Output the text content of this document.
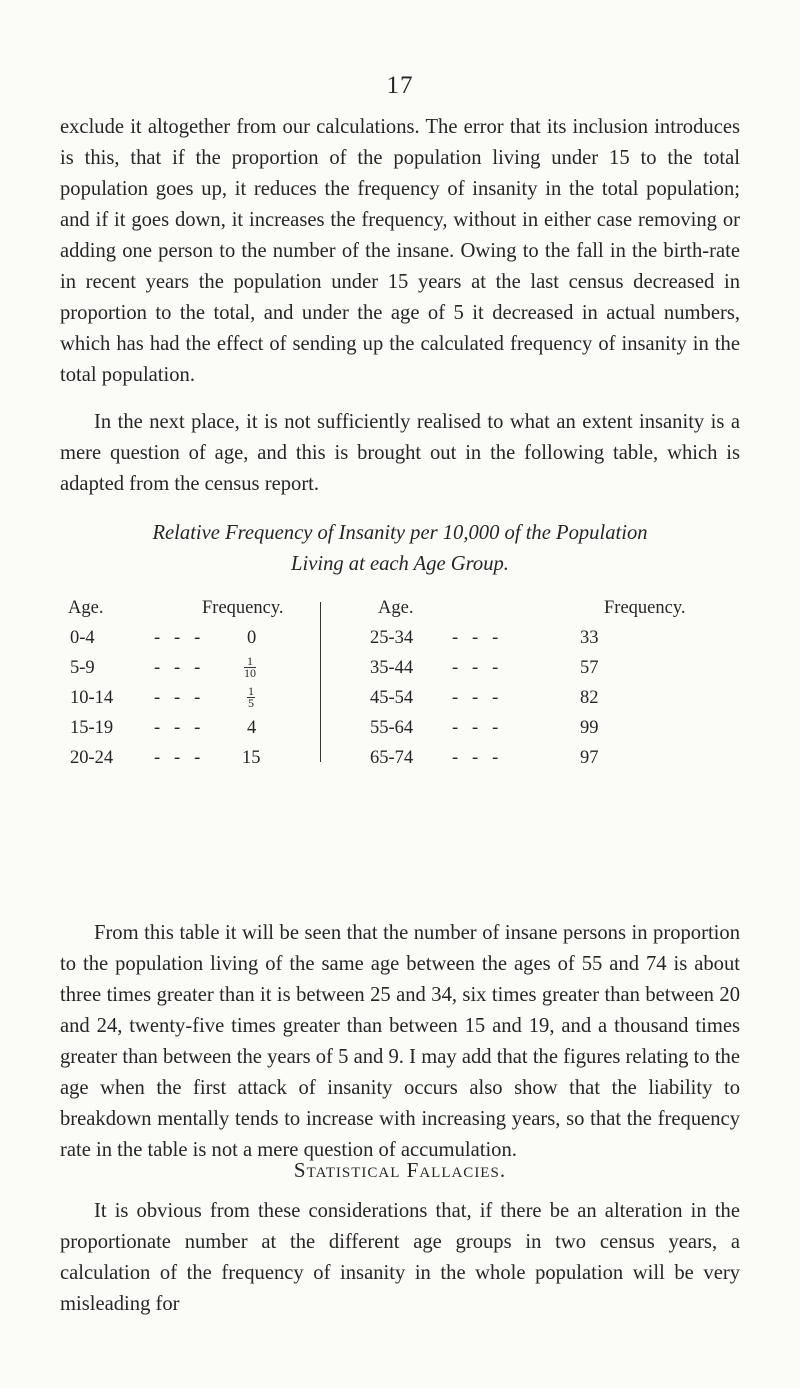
17

exclude it altogether from our calculations. The error that its inclusion introduces is this, that if the proportion of the population living under 15 to the total population goes up, it reduces the frequency of insanity in the total population; and if it goes down, it increases the frequency, without in either case removing or adding one person to the number of the insane. Owing to the fall in the birth-rate in recent years the population under 15 years at the last census decreased in proportion to the total, and under the age of 5 it decreased in actual numbers, which has had the effect of sending up the calculated frequency of insanity in the total population.

In the next place, it is not sufficiently realised to what an extent insanity is a mere question of age, and this is brought out in the following table, which is adapted from the census report.

Relative Frequency of Insanity per 10,000 of the Population

Living at each Age Group.

Age.	Frequency.	Age.	Frequency.
0-4	-   -   -	0
5-9	-   -   -	$\frac{1}{10}$
10-14 -   -   -	$\frac{1}{5}$
15-19 -   -   -	4
20-24 -   -   - 15
25-34 -   -   -	33
35-44 -   -   -	57
45-54 -   -   -	82
55-64 -   -   -	99
65-74 -   -   -	97

From this table it will be seen that the number of insane persons in proportion to the population living of the same age between the ages of 55 and 74 is about three times greater than it is between 25 and 34, six times greater than between 20 and 24, twenty-five times greater than between 15 and 19, and a thousand times greater than between the years of 5 and 9. I may add that the figures relating to the age when the first attack of insanity occurs also show that the liability to breakdown mentally tends to increase with increasing years, so that the frequency rate in the table is not a mere question of accumulation.

Statistical Fallacies.

It is obvious from these considerations that, if there be an alteration in the proportionate number at the different age groups in two census years, a calculation of the frequency of insanity in the whole population will be very misleading for
